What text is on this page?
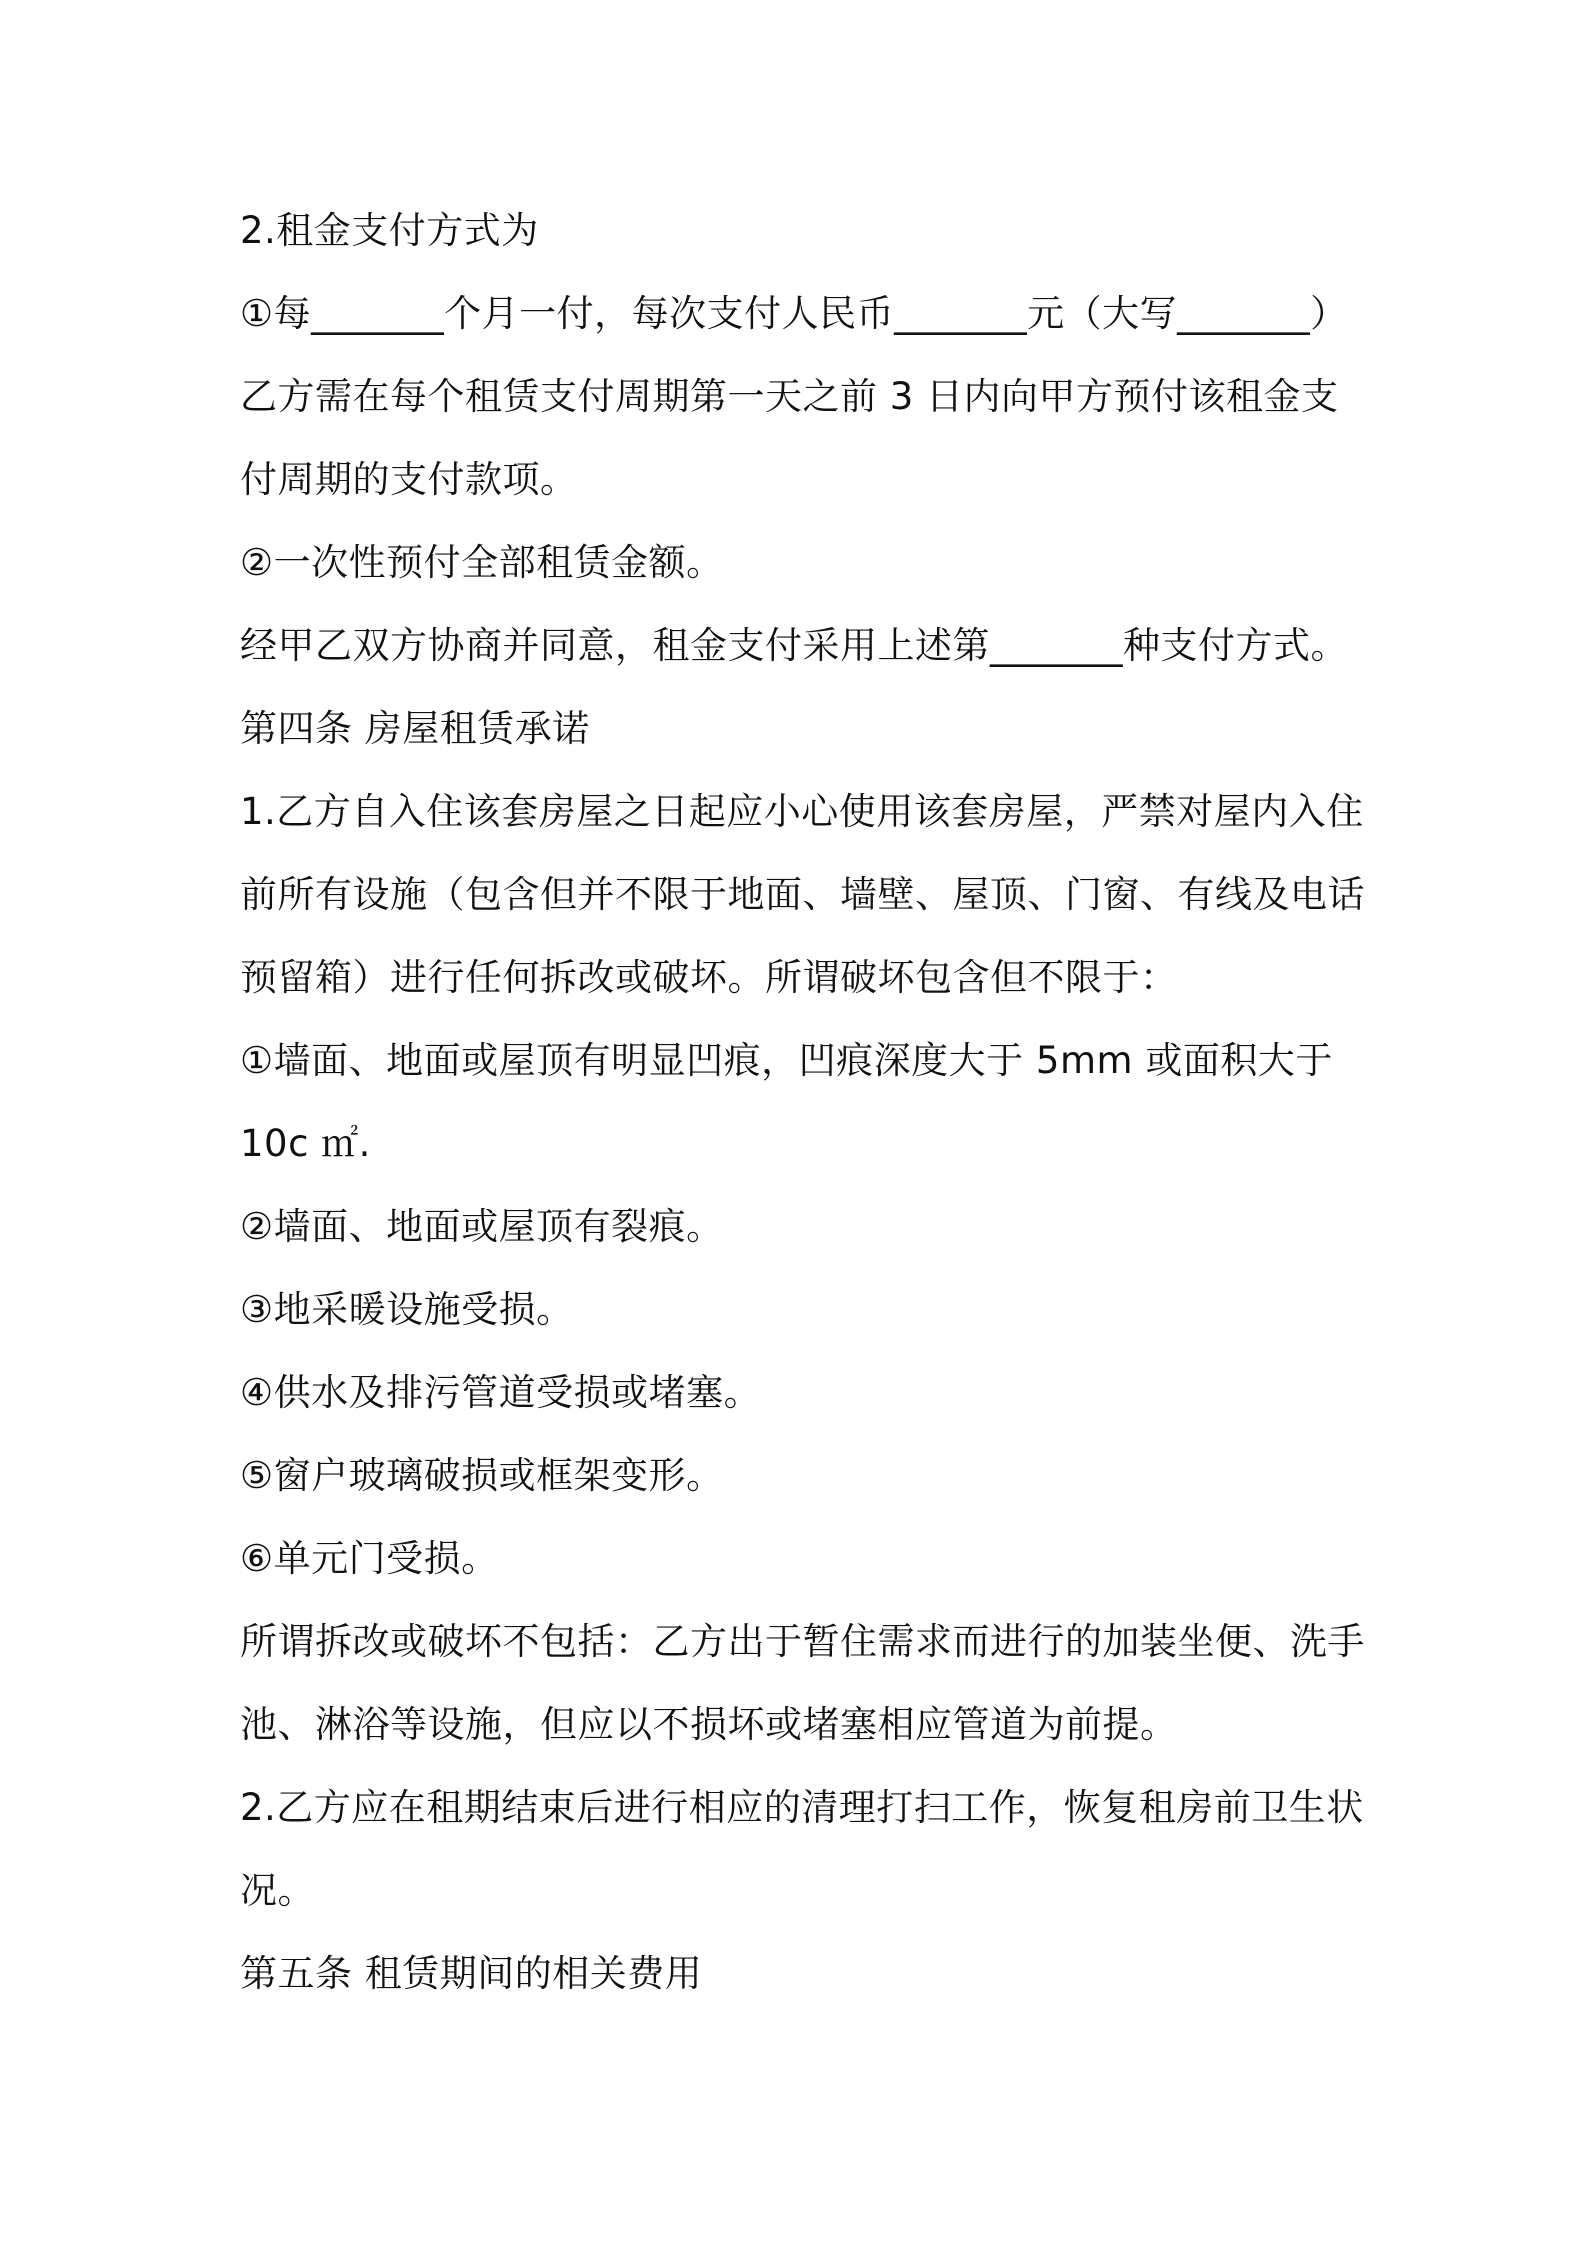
2.租金支付方式为
①每_______个月一付，每次支付人民币_______元（大写_______）
乙方需在每个租赁支付周期第一天之前 3 日内向甲方预付该租金支
付周期的支付款项。
②一次性预付全部租赁金额。
经甲乙双方协商并同意，租金支付采用上述第_______种支付方式。
第四条 房屋租赁承诺
1.乙方自入住该套房屋之日起应小心使用该套房屋，严禁对屋内入住
前所有设施（包含但并不限于地面、墙壁、屋顶、门窗、有线及电话
预留箱）进行任何拆改或破坏。所谓破坏包含但不限于：
①墙面、地面或屋顶有明显凹痕，凹痕深度大于 5mm 或面积大于
10c ㎡.
②墙面、地面或屋顶有裂痕。
③地采暖设施受损。
④供水及排污管道受损或堵塞。
⑤窗户玻璃破损或框架变形。
⑥单元门受损。
所谓拆改或破坏不包括：乙方出于暂住需求而进行的加装坐便、洗手
池、淋浴等设施，但应以不损坏或堵塞相应管道为前提。
2.乙方应在租期结束后进行相应的清理打扫工作，恢复租房前卫生状
况。
第五条 租赁期间的相关费用
